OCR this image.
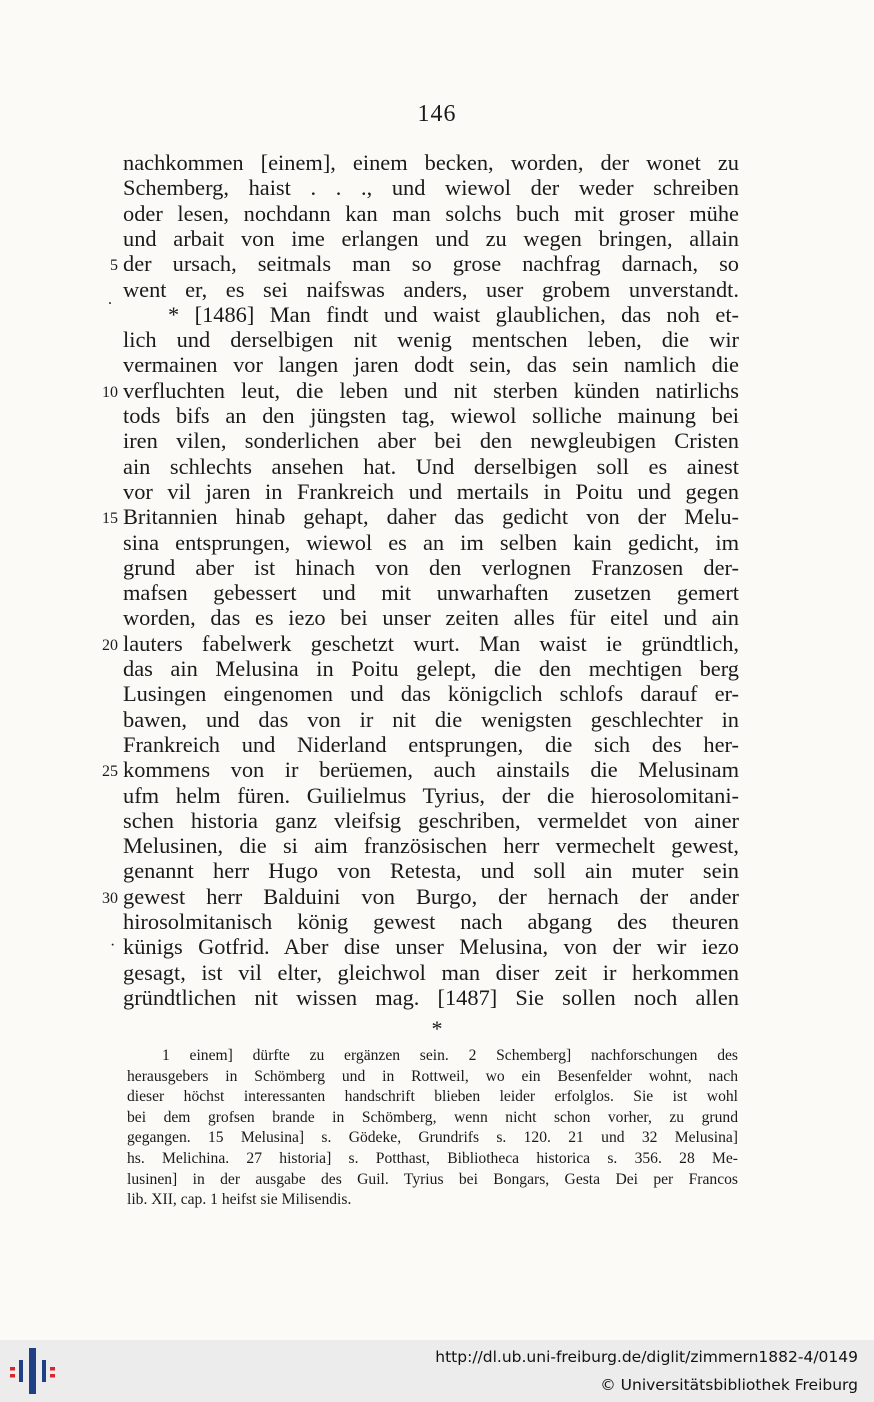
146
nachkommen [einem], einem becken, worden, der wonet zu
Schemberg, haist . . ., und wiewol der weder schreiben
oder lesen, nochdann kan man solchs buch mit groser mühe
und arbait von ime erlangen und zu wegen bringen, allain
der ursach, seitmals man so grose nachfrag darnach, so
went er, es sei naifswas anders, user grobem unverstandt.
* [1486] Man findt und waist glaublichen, das noh et-
lich und derselbigen nit wenig mentschen leben, die wir
vermainen vor langen jaren dodt sein, das sein namlich die
verfluchten leut, die leben und nit sterben künden natirlichs
tods bifs an den jüngsten tag, wiewol solliche mainung bei
iren vilen, sonderlichen aber bei den newgleubigen Cristen
ain schlechts ansehen hat. Und derselbigen soll es ainest
vor vil jaren in Frankreich und mertails in Poitu und gegen
Britannien hinab gehapt, daher das gedicht von der Melu-
sina entsprungen, wiewol es an im selben kain gedicht, im
grund aber ist hinach von den verlognen Franzosen der-
mafsen gebessert und mit unwarhaften zusetzen gemert
worden, das es iezo bei unser zeiten alles für eitel und ain
lauters fabelwerk geschetzt wurt. Man waist ie gründtlich,
das ain Melusina in Poitu gelept, die den mechtigen berg
Lusingen eingenomen und das königclich schlofs darauf er-
bawen, und das von ir nit die wenigsten geschlechter in
Frankreich und Niderland entsprungen, die sich des her-
kommens von ir berüemen, auch ainstails die Melusinam
ufm helm füren. Guilielmus Tyrius, der die hierosolomitani-
schen historia ganz vleifsig geschriben, vermeldet von ainer
Melusinen, die si aim französischen herr vermechelt gewest,
genannt herr Hugo von Retesta, und soll ain muter sein
gewest herr Balduini von Burgo, der hernach der ander
hirosolmitanisch könig gewest nach abgang des theuren
künigs Gotfrid. Aber dise unser Melusina, von der wir iezo
gesagt, ist vil elter, gleichwol man diser zeit ir herkommen
gründtlichen nit wissen mag. [1487] Sie sollen noch allen
5
10
15
20
25
30
.
·
*
1 einem] dürfte zu ergänzen sein. 2 Schemberg] nachforschungen des
herausgebers in Schömberg und in Rottweil, wo ein Besenfelder wohnt, nach
dieser höchst interessanten handschrift blieben leider erfolglos. Sie ist wohl
bei dem grofsen brande in Schömberg, wenn nicht schon vorher, zu grund
gegangen. 15 Melusina] s. Gödeke, Grundrifs s. 120. 21 und 32 Melusina]
hs. Melichina. 27 historia] s. Potthast, Bibliotheca historica s. 356. 28 Me-
lusinen] in der ausgabe des Guil. Tyrius bei Bongars, Gesta Dei per Francos
lib. XII, cap. 1 heifst sie Milisendis.
http://dl.ub.uni-freiburg.de/diglit/zimmern1882-4/0149
© Universitätsbibliothek Freiburg
